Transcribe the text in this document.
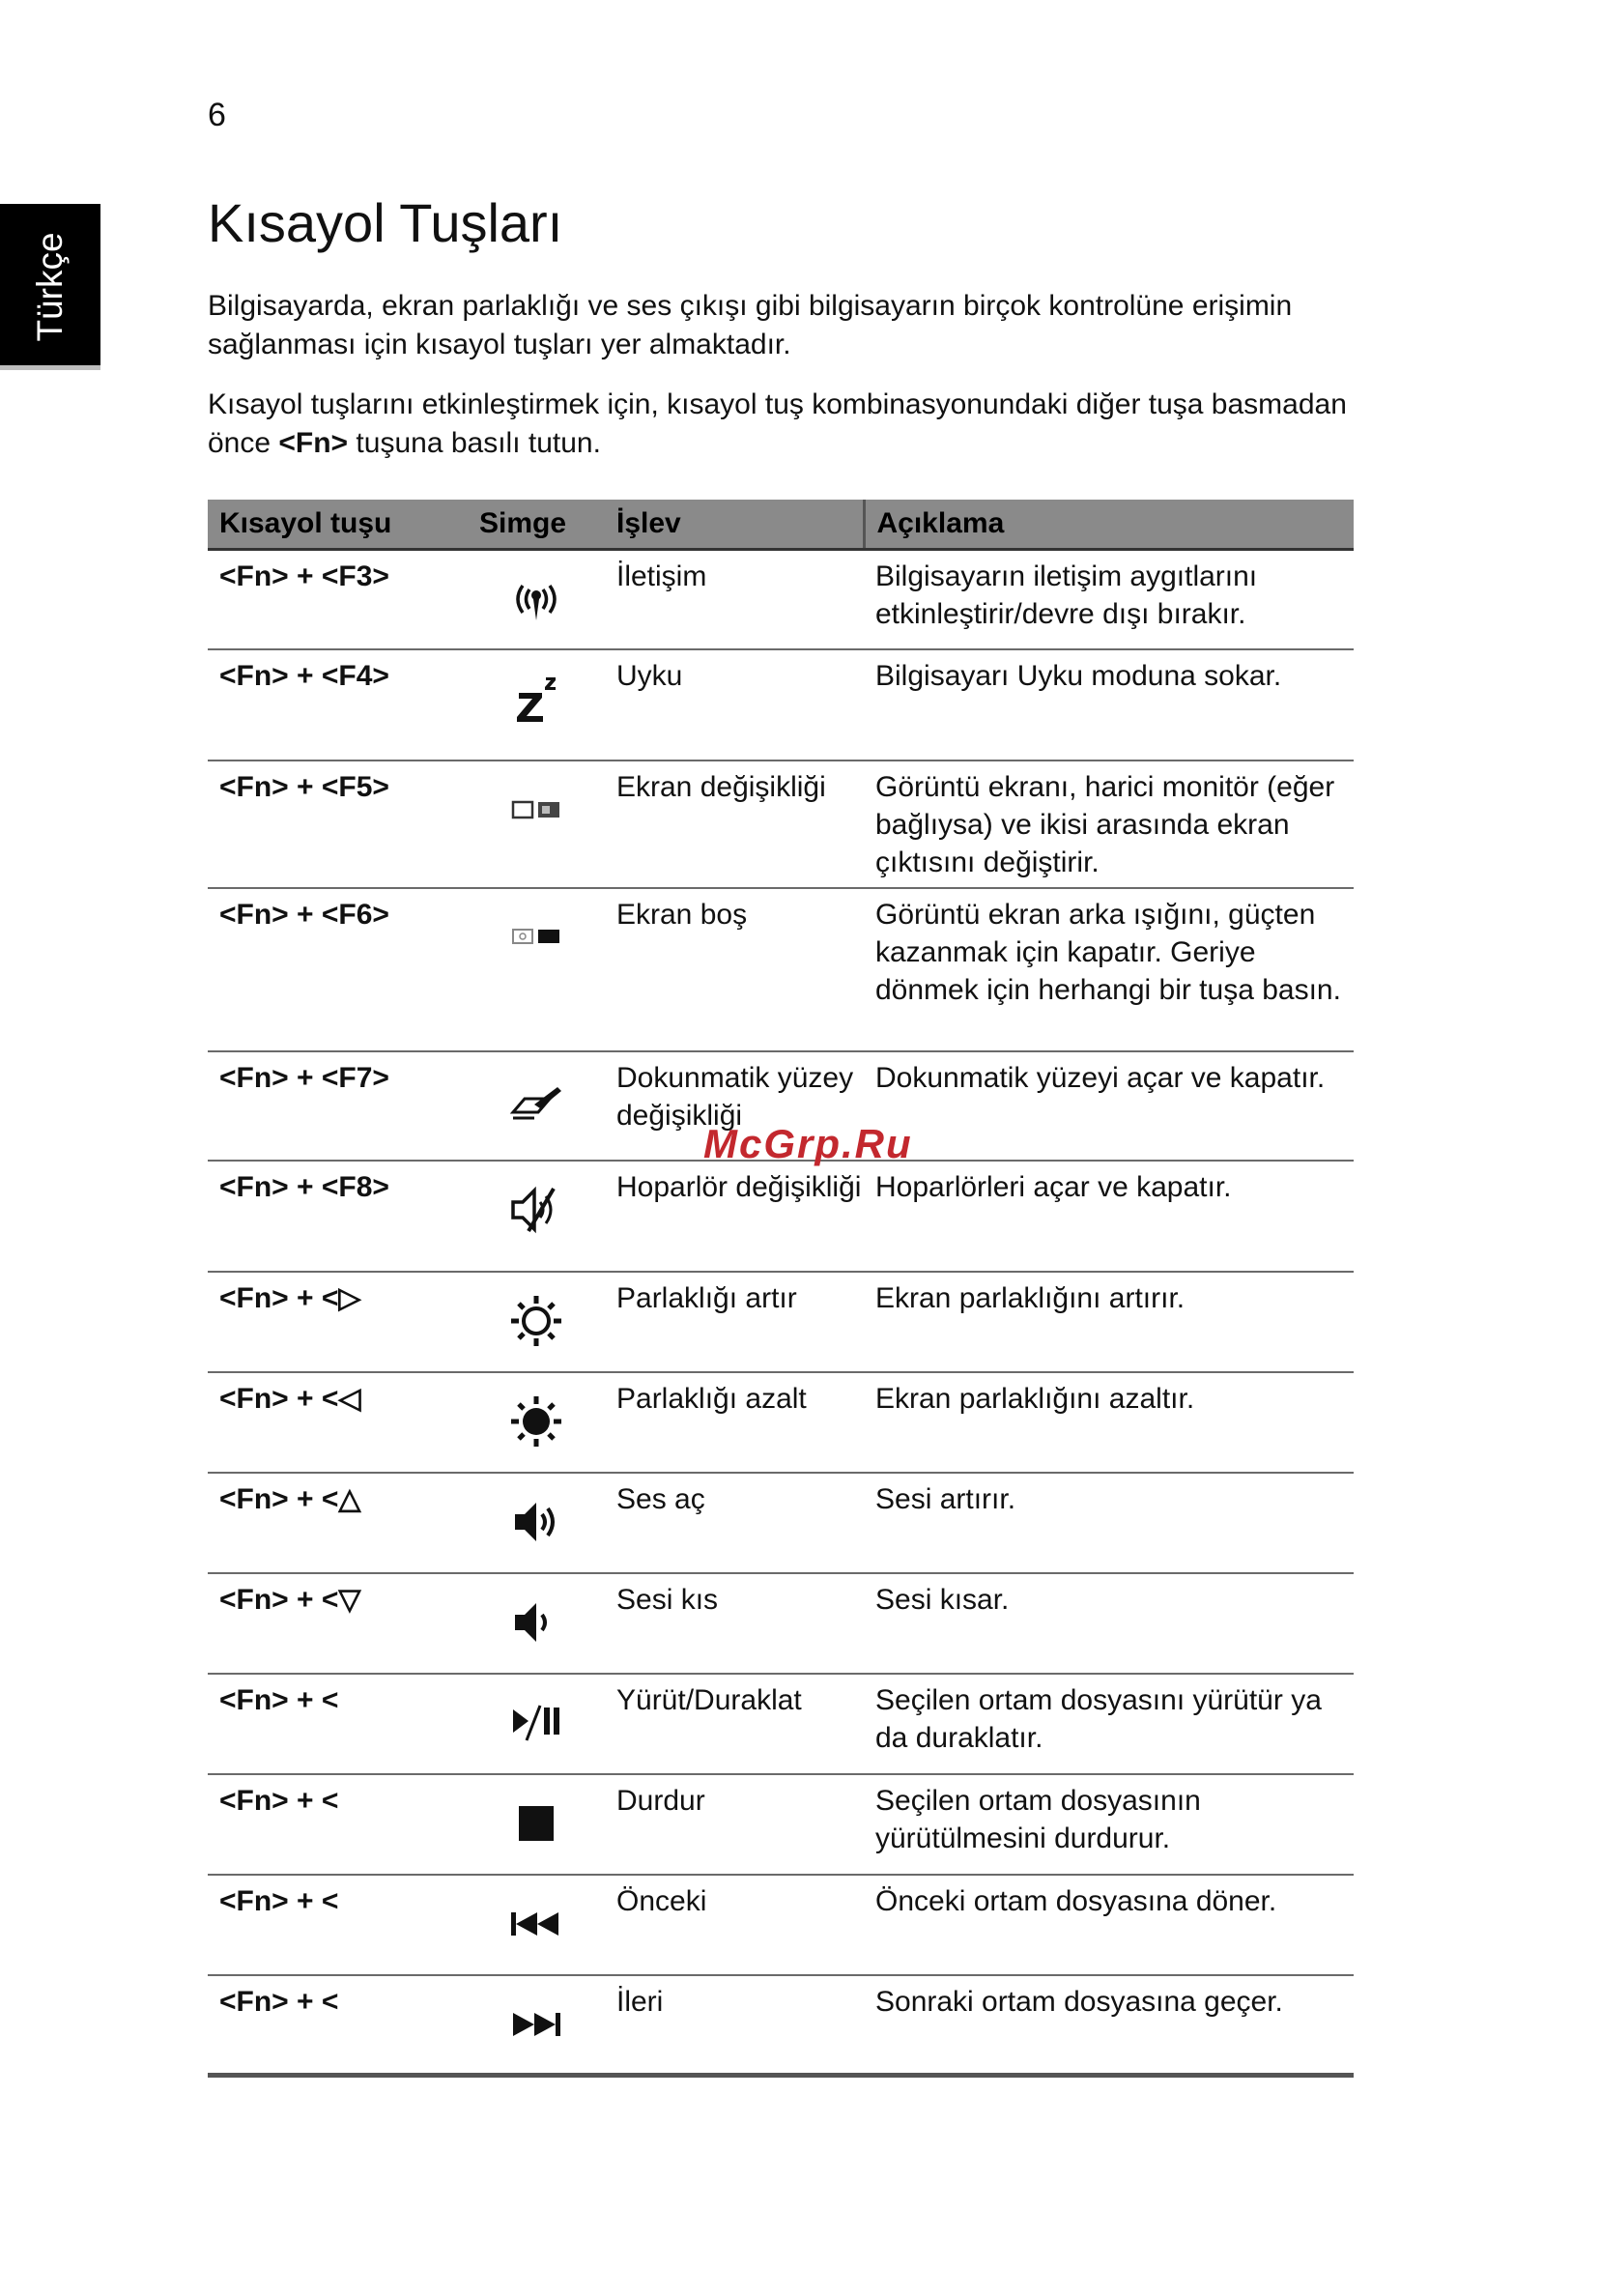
6
Türkçe
Kısayol Tuşları

Bilgisayarda, ekran parlaklığı ve ses çıkışı gibi bilgisayarın birçok kontrolüne erişimin sağlanması için kısayol tuşları yer almaktadır.

Kısayol tuşlarını etkinleştirmek için, kısayol tuş kombinasyonundaki diğer tuşa basmadan önce <Fn> tuşuna basılı tutun.

Kısayol tuşu	Simge	İşlev	Açıklama
<Fn> + <F3>		İletişim	Bilgisayarın iletişim aygıtlarını etkinleştirir/devre dışı bırakır.
<Fn> + <F4>		Uyku	Bilgisayarı Uyku moduna sokar.
<Fn> + <F5>		Ekran değişikliği	Görüntü ekranı, harici monitör (eğer bağlıysa) ve ikisi arasında ekran çıktısını değiştirir.
<Fn> + <F6>		Ekran boş	Görüntü ekran arka ışığını, güçten kazanmak için kapatır. Geriye dönmek için herhangi bir tuşa basın.
<Fn> + <F7>		Dokunmatik yüzey değişikliği	Dokunmatik yüzeyi açar ve kapatır.
<Fn> + <F8>		Hoparlör değişikliği	Hoparlörleri açar ve kapatır.
<Fn> + <▷		Parlaklığı artır	Ekran parlaklığını artırır.
<Fn> + <◁		Parlaklığı azalt	Ekran parlaklığını azaltır.
<Fn> + <△		Ses aç	Sesi artırır.
<Fn> + <▽		Sesi kıs	Sesi kısar.
<Fn> + <		Yürüt/Duraklat	Seçilen ortam dosyasını yürütür ya da duraklatır.
<Fn> + <		Durdur	Seçilen ortam dosyasının yürütülmesini durdurur.
<Fn> + <		Önceki	Önceki ortam dosyasına döner.
<Fn> + <		İleri	Sonraki ortam dosyasına geçer.
McGrp.Ru
